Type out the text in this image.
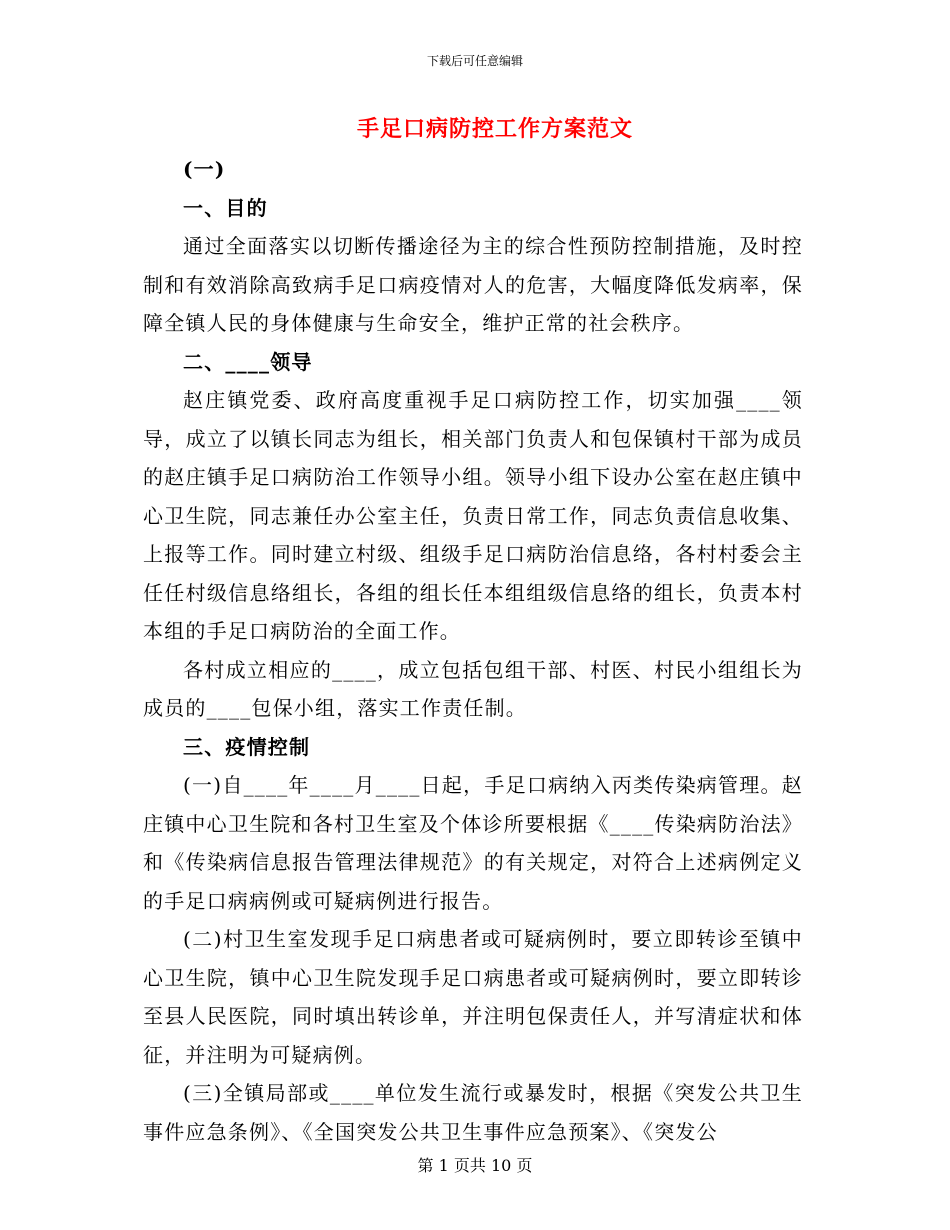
下载后可任意编辑
手足口病防控工作方案范文

(一)

一、目的

通过全面落实以切断传播途径为主的综合性预防控制措施，及时控制和有效消除高致病手足口病疫情对人的危害，大幅度降低发病率，保障全镇人民的身体健康与生命安全，维护正常的社会秩序。

二、____领导

赵庄镇党委、政府高度重视手足口病防控工作，切实加强____领导，成立了以镇长同志为组长，相关部门负责人和包保镇村干部为成员的赵庄镇手足口病防治工作领导小组。领导小组下设办公室在赵庄镇中心卫生院，同志兼任办公室主任，负责日常工作，同志负责信息收集、上报等工作。同时建立村级、组级手足口病防治信息络，各村村委会主任任村级信息络组长，各组的组长任本组组级信息络的组长，负责本村本组的手足口病防治的全面工作。

各村成立相应的____，成立包括包组干部、村医、村民小组组长为成员的____包保小组，落实工作责任制。

三、疫情控制

(一)自____年____月____日起，手足口病纳入丙类传染病管理。赵庄镇中心卫生院和各村卫生室及个体诊所要根据《____传染病防治法》和《传染病信息报告管理法律规范》的有关规定，对符合上述病例定义的手足口病病例或可疑病例进行报告。

(二)村卫生室发现手足口病患者或可疑病例时，要立即转诊至镇中心卫生院，镇中心卫生院发现手足口病患者或可疑病例时，要立即转诊至县人民医院，同时填出转诊单，并注明包保责任人，并写清症状和体征，并注明为可疑病例。

(三)全镇局部或____单位发生流行或暴发时，根据《突发公共卫生事件应急条例》、《全国突发公共卫生事件应急预案》、《突发公

第 1 页共 10 页
